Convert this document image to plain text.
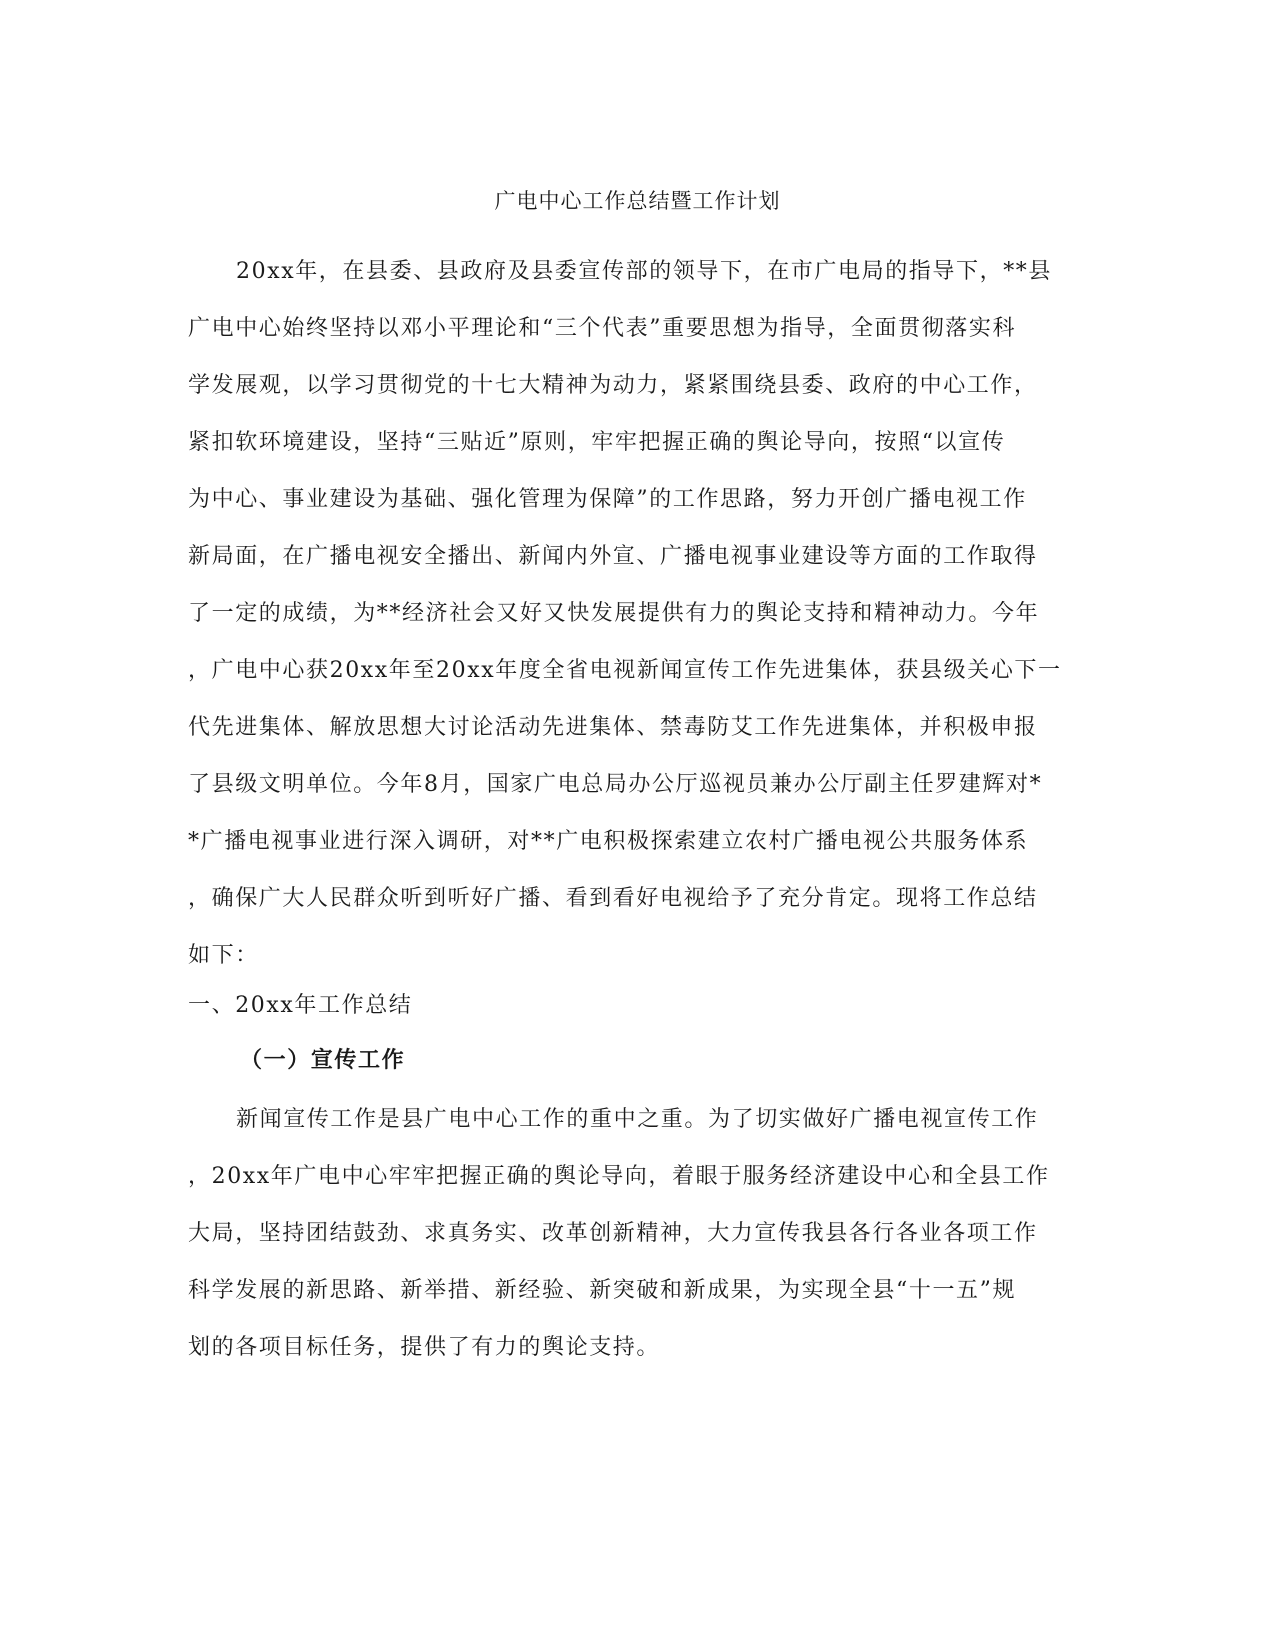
广电中心工作总结暨工作计划
20xx年，在县委、县政府及县委宣传部的领导下，在市广电局的指导下，**县
广电中心始终坚持以邓小平理论和“三个代表”重要思想为指导，全面贯彻落实科
学发展观，以学习贯彻党的十七大精神为动力，紧紧围绕县委、政府的中心工作，
紧扣软环境建设，坚持“三贴近”原则，牢牢把握正确的舆论导向，按照“以宣传
为中心、事业建设为基础、强化管理为保障”的工作思路，努力开创广播电视工作
新局面，在广播电视安全播出、新闻内外宣、广播电视事业建设等方面的工作取得
了一定的成绩，为**经济社会又好又快发展提供有力的舆论支持和精神动力。今年
，广电中心获20xx年至20xx年度全省电视新闻宣传工作先进集体，获县级关心下一
代先进集体、解放思想大讨论活动先进集体、禁毒防艾工作先进集体，并积极申报
了县级文明单位。今年8月，国家广电总局办公厅巡视员兼办公厅副主任罗建辉对*
*广播电视事业进行深入调研，对**广电积极探索建立农村广播电视公共服务体系
，确保广大人民群众听到听好广播、看到看好电视给予了充分肯定。现将工作总结
如下：
一、20xx年工作总结
（一）宣传工作
新闻宣传工作是县广电中心工作的重中之重。为了切实做好广播电视宣传工作
，20xx年广电中心牢牢把握正确的舆论导向，着眼于服务经济建设中心和全县工作
大局，坚持团结鼓劲、求真务实、改革创新精神，大力宣传我县各行各业各项工作
科学发展的新思路、新举措、新经验、新突破和新成果，为实现全县“十一五”规
划的各项目标任务，提供了有力的舆论支持。
